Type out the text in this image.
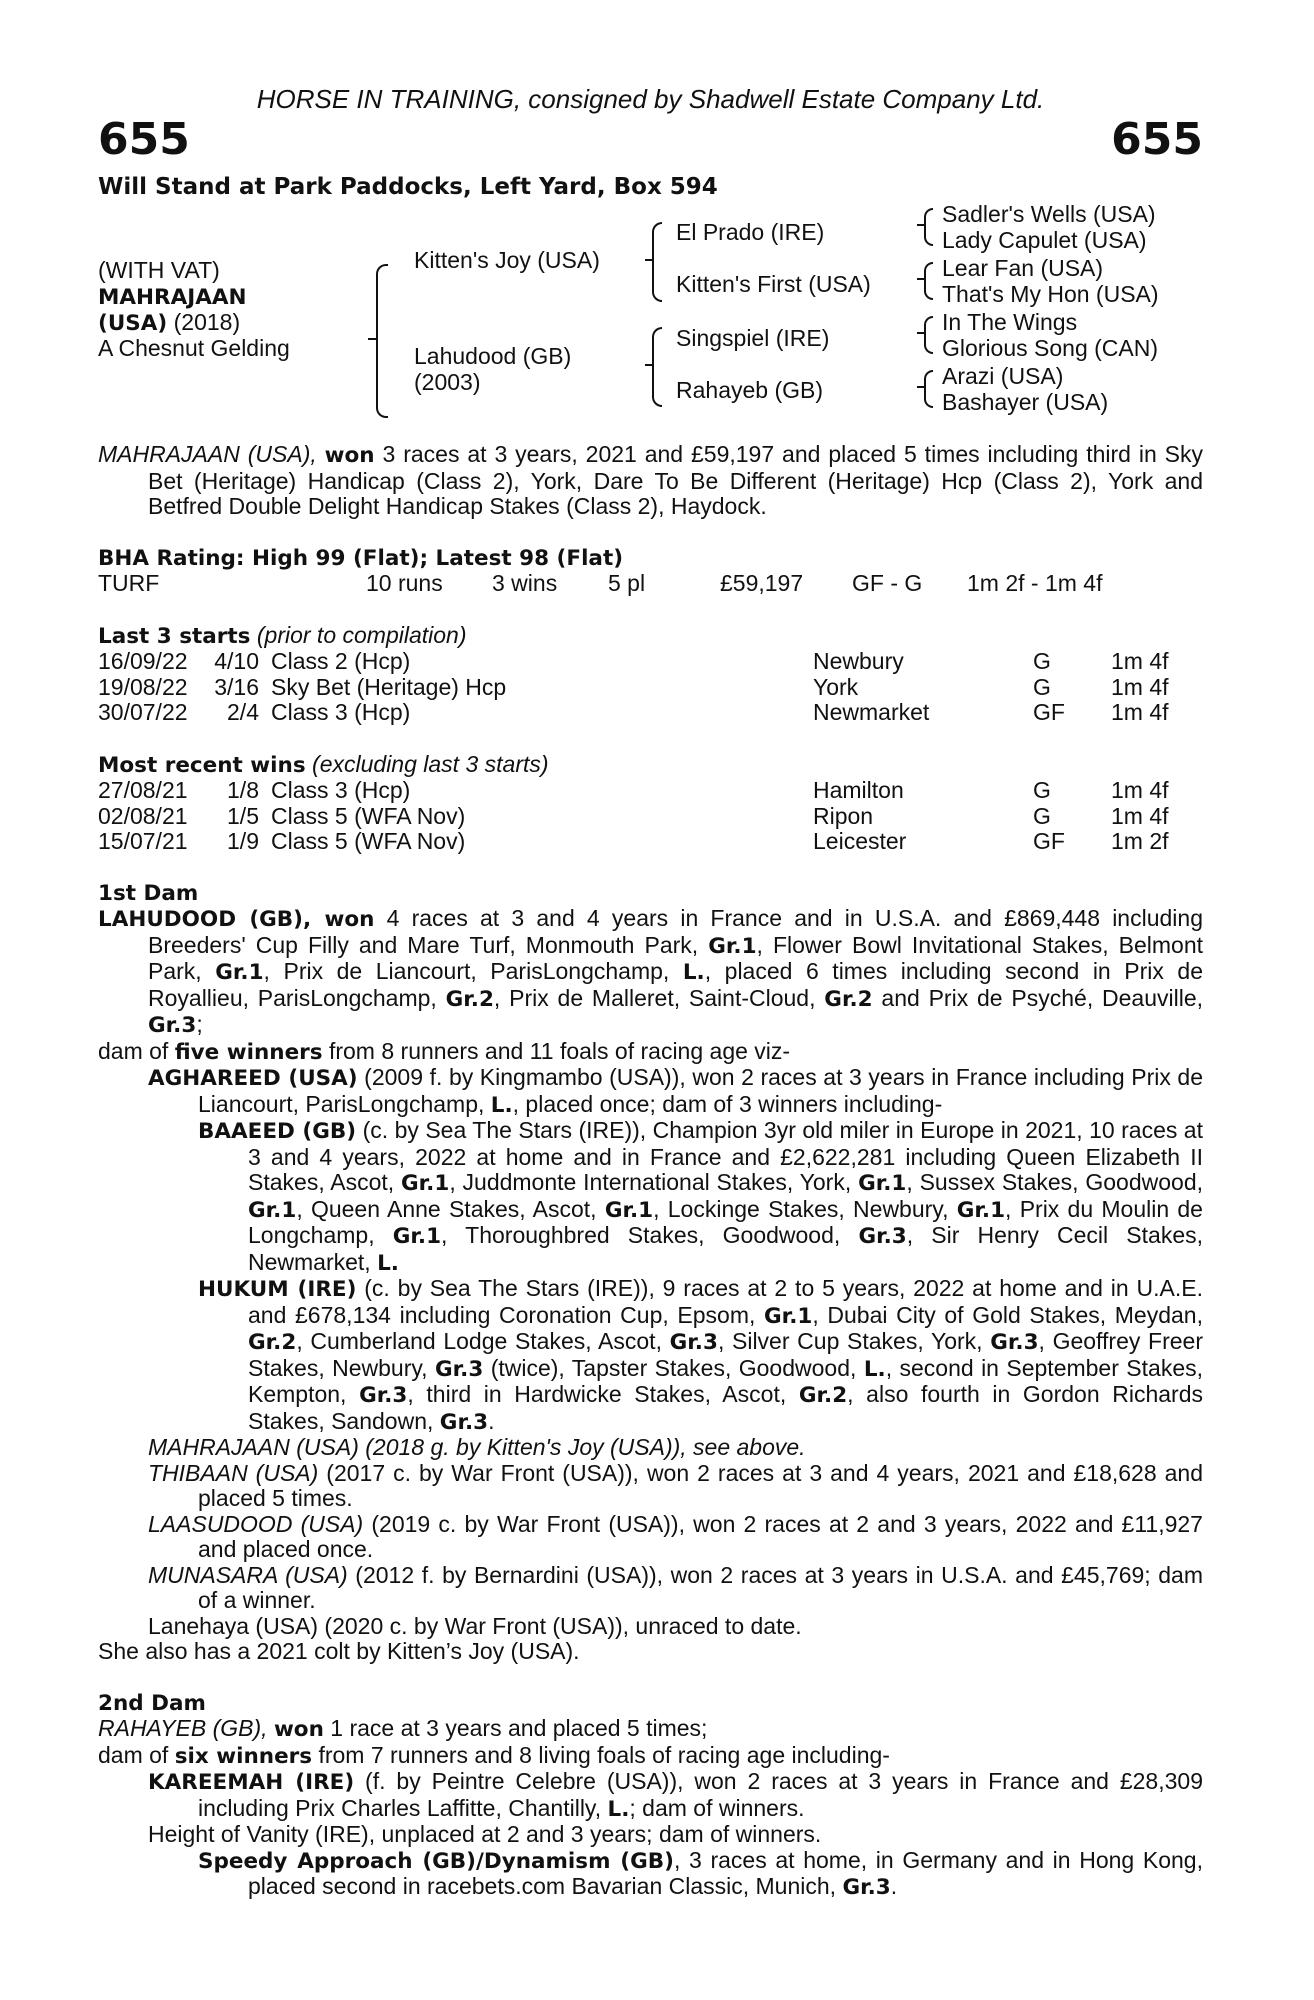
HORSE IN TRAINING, consigned by Shadwell Estate Company Ltd.
655	655
Will Stand at Park Paddocks, Left Yard, Box 594
(WITH VAT)
MAHRAJAAN
(USA) (2018)
A Chesnut Gelding
Kitten's Joy (USA)
Lahudood (GB)
(2003)
El Prado (IRE)
Kitten's First (USA)
Singspiel (IRE)
Rahayeb (GB)
Sadler's Wells (USA)
Lady Capulet (USA)
Lear Fan (USA)
That's My Hon (USA)
In The Wings
Glorious Song (CAN)
Arazi (USA)
Bashayer (USA)
MAHRAJAAN (USA), won 3 races at 3 years, 2021 and £59,197 and placed 5 times including third in Sky Bet (Heritage) Handicap (Class 2), York, Dare To Be Different (Heritage) Hcp (Class 2), York and Betfred Double Delight Handicap Stakes (Class 2), Haydock.
BHA Rating: High 99 (Flat); Latest 98 (Flat)
TURF	10 runs	3 wins	5 pl	£59,197	GF - G	1m 2f - 1m 4f
Last 3 starts (prior to compilation)
16/09/22	4/10 Class 2 (Hcp)	Newbury	G	1m 4f
19/08/22	3/16 Sky Bet (Heritage) Hcp	York	G	1m 4f
30/07/22	2/4 Class 3 (Hcp)	Newmarket	GF	1m 4f
Most recent wins (excluding last 3 starts)
27/08/21	1/8 Class 3 (Hcp)	Hamilton	G	1m 4f
02/08/21	1/5 Class 5 (WFA Nov)	Ripon	G	1m 4f
15/07/21	1/9 Class 5 (WFA Nov)	Leicester	GF	1m 2f
1st Dam
LAHUDOOD (GB), won 4 races at 3 and 4 years in France and in U.S.A. and £869,448 including Breeders' Cup Filly and Mare Turf, Monmouth Park, Gr.1, Flower Bowl Invitational Stakes, Belmont Park, Gr.1, Prix de Liancourt, ParisLongchamp, L., placed 6 times including second in Prix de Royallieu, ParisLongchamp, Gr.2, Prix de Malleret, Saint-Cloud, Gr.2 and Prix de Psyché, Deauville, Gr.3;
dam of five winners from 8 runners and 11 foals of racing age viz-
AGHAREED (USA) (2009 f. by Kingmambo (USA)), won 2 races at 3 years in France including Prix de Liancourt, ParisLongchamp, L., placed once; dam of 3 winners including-
BAAEED (GB) (c. by Sea The Stars (IRE)), Champion 3yr old miler in Europe in 2021, 10 races at 3 and 4 years, 2022 at home and in France and £2,622,281 including Queen Elizabeth II Stakes, Ascot, Gr.1, Juddmonte International Stakes, York, Gr.1, Sussex Stakes, Goodwood, Gr.1, Queen Anne Stakes, Ascot, Gr.1, Lockinge Stakes, Newbury, Gr.1, Prix du Moulin de Longchamp, Gr.1, Thoroughbred Stakes, Goodwood, Gr.3, Sir Henry Cecil Stakes, Newmarket, L.
HUKUM (IRE) (c. by Sea The Stars (IRE)), 9 races at 2 to 5 years, 2022 at home and in U.A.E. and £678,134 including Coronation Cup, Epsom, Gr.1, Dubai City of Gold Stakes, Meydan, Gr.2, Cumberland Lodge Stakes, Ascot, Gr.3, Silver Cup Stakes, York, Gr.3, Geoffrey Freer Stakes, Newbury, Gr.3 (twice), Tapster Stakes, Goodwood, L., second in September Stakes, Kempton, Gr.3, third in Hardwicke Stakes, Ascot, Gr.2, also fourth in Gordon Richards Stakes, Sandown, Gr.3.
MAHRAJAAN (USA) (2018 g. by Kitten's Joy (USA)), see above.
THIBAAN (USA) (2017 c. by War Front (USA)), won 2 races at 3 and 4 years, 2021 and £18,628 and placed 5 times.
LAASUDOOD (USA) (2019 c. by War Front (USA)), won 2 races at 2 and 3 years, 2022 and £11,927 and placed once.
MUNASARA (USA) (2012 f. by Bernardini (USA)), won 2 races at 3 years in U.S.A. and £45,769; dam of a winner.
Lanehaya (USA) (2020 c. by War Front (USA)), unraced to date.
She also has a 2021 colt by Kitten’s Joy (USA).
2nd Dam
RAHAYEB (GB), won 1 race at 3 years and placed 5 times;
dam of six winners from 7 runners and 8 living foals of racing age including-
KAREEMAH (IRE) (f. by Peintre Celebre (USA)), won 2 races at 3 years in France and £28,309 including Prix Charles Laffitte, Chantilly, L.; dam of winners.
Height of Vanity (IRE), unplaced at 2 and 3 years; dam of winners.
Speedy Approach (GB)/Dynamism (GB), 3 races at home, in Germany and in Hong Kong, placed second in racebets.com Bavarian Classic, Munich, Gr.3.
